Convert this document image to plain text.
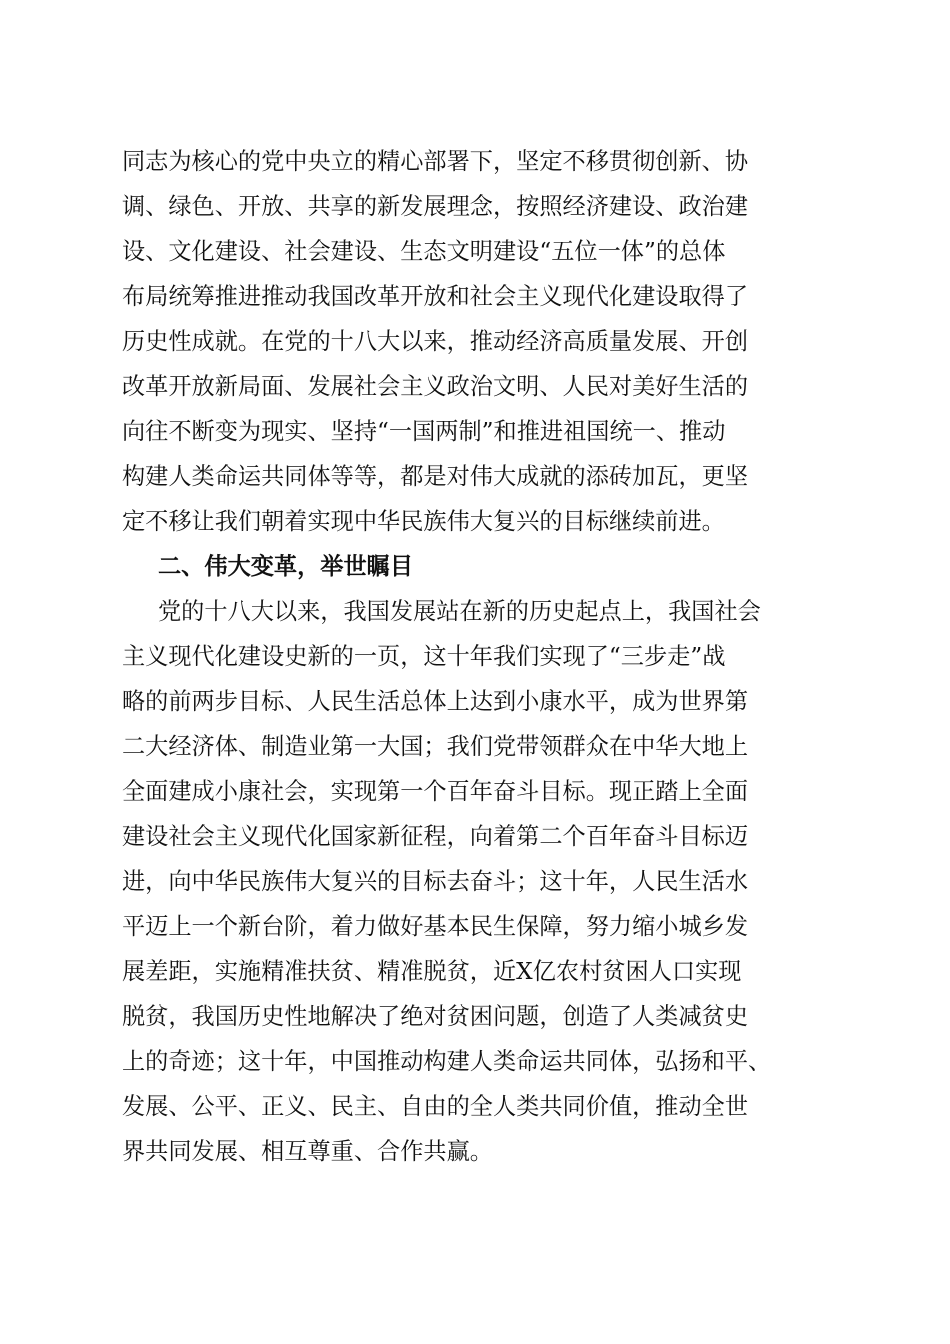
同志为核心的党中央立的精心部署下，坚定不移贯彻创新、协
调、绿色、开放、共享的新发展理念，按照经济建设、政治建
设、文化建设、社会建设、生态文明建设“五位一体”的总体
布局统筹推进推动我国改革开放和社会主义现代化建设取得了
历史性成就。在党的十八大以来，推动经济高质量发展、开创
改革开放新局面、发展社会主义政治文明、人民对美好生活的
向往不断变为现实、坚持“一国两制”和推进祖国统一、推动
构建人类命运共同体等等，都是对伟大成就的添砖加瓦，更坚
定不移让我们朝着实现中华民族伟大复兴的目标继续前进。
二、伟大变革，举世瞩目
党的十八大以来，我国发展站在新的历史起点上，我国社会
主义现代化建设史新的一页，这十年我们实现了“三步走”战
略的前两步目标、人民生活总体上达到小康水平，成为世界第
二大经济体、制造业第一大国；我们党带领群众在中华大地上
全面建成小康社会，实现第一个百年奋斗目标。现正踏上全面
建设社会主义现代化国家新征程，向着第二个百年奋斗目标迈
进，向中华民族伟大复兴的目标去奋斗；这十年，人民生活水
平迈上一个新台阶，着力做好基本民生保障，努力缩小城乡发
展差距，实施精准扶贫、精准脱贫，近X亿农村贫困人口实现
脱贫，我国历史性地解决了绝对贫困问题，创造了人类减贫史
上的奇迹；这十年，中国推动构建人类命运共同体，弘扬和平、
发展、公平、正义、民主、自由的全人类共同价值，推动全世
界共同发展、相互尊重、合作共赢。
